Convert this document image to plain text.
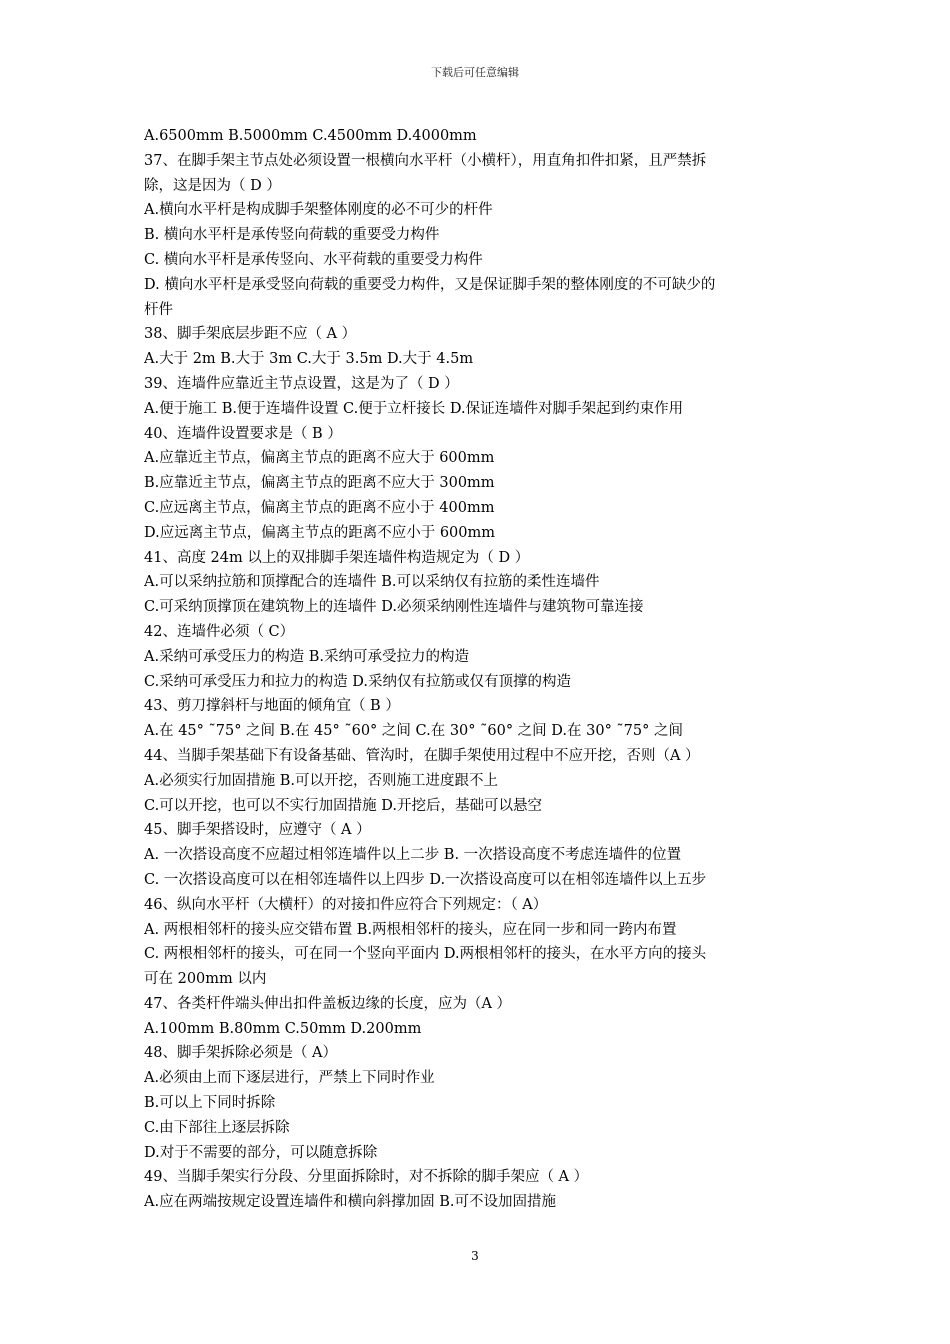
下载后可任意编辑
A.6500mm B.5000mm C.4500mm D.4000mm
37、在脚手架主节点处必须设置一根横向水平杆（小横杆），用直角扣件扣紧，且严禁拆
除，这是因为（ D ）
A.横向水平杆是构成脚手架整体刚度的必不可少的杆件
B. 横向水平杆是承传竖向荷载的重要受力构件
C. 横向水平杆是承传竖向、水平荷载的重要受力构件
D. 横向水平杆是承受竖向荷载的重要受力构件，又是保证脚手架的整体刚度的不可缺少的
杆件
38、脚手架底层步距不应（ A ）
A.大于 2m B.大于 3m C.大于 3.5m D.大于 4.5m
39、连墙件应靠近主节点设置，这是为了（ D ）
A.便于施工 B.便于连墙件设置 C.便于立杆接长 D.保证连墙件对脚手架起到约束作用
40、连墙件设置要求是（ B ）
A.应靠近主节点，偏离主节点的距离不应大于 600mm
B.应靠近主节点，偏离主节点的距离不应大于 300mm
C.应远离主节点，偏离主节点的距离不应小于 400mm
D.应远离主节点，偏离主节点的距离不应小于 600mm
41、高度 24m 以上的双排脚手架连墙件构造规定为（ D ）
A.可以采纳拉筋和顶撑配合的连墙件 B.可以采纳仅有拉筋的柔性连墙件
C.可采纳顶撑顶在建筑物上的连墙件 D.必须采纳刚性连墙件与建筑物可靠连接
42、连墙件必须（ C）
A.采纳可承受压力的构造 B.采纳可承受拉力的构造
C.采纳可承受压力和拉力的构造 D.采纳仅有拉筋或仅有顶撑的构造
43、剪刀撑斜杆与地面的倾角宜（ B ）
A.在 45° ˜75° 之间 B.在 45° ˜60° 之间 C.在 30° ˜60° 之间 D.在 30° ˜75° 之间
44、当脚手架基础下有设备基础、管沟时，在脚手架使用过程中不应开挖，否则（A ）
A.必须实行加固措施 B.可以开挖，否则施工进度跟不上
C.可以开挖，也可以不实行加固措施 D.开挖后，基础可以悬空
45、脚手架搭设时，应遵守（ A ）
A. 一次搭设高度不应超过相邻连墙件以上二步 B. 一次搭设高度不考虑连墙件的位置
C. 一次搭设高度可以在相邻连墙件以上四步 D.一次搭设高度可以在相邻连墙件以上五步
46、纵向水平杆（大横杆）的对接扣件应符合下列规定：（ A）
A. 两根相邻杆的接头应交错布置 B.两根相邻杆的接头，应在同一步和同一跨内布置
C. 两根相邻杆的接头，可在同一个竖向平面内 D.两根相邻杆的接头，在水平方向的接头
可在 200mm 以内
47、各类杆件端头伸出扣件盖板边缘的长度，应为（A ）
A.100mm B.80mm C.50mm D.200mm
48、脚手架拆除必须是（ A）
A.必须由上而下逐层进行，严禁上下同时作业
B.可以上下同时拆除
C.由下部往上逐层拆除
D.对于不需要的部分，可以随意拆除
49、当脚手架实行分段、分里面拆除时，对不拆除的脚手架应（ A ）
A.应在两端按规定设置连墙件和横向斜撑加固 B.可不设加固措施
3
